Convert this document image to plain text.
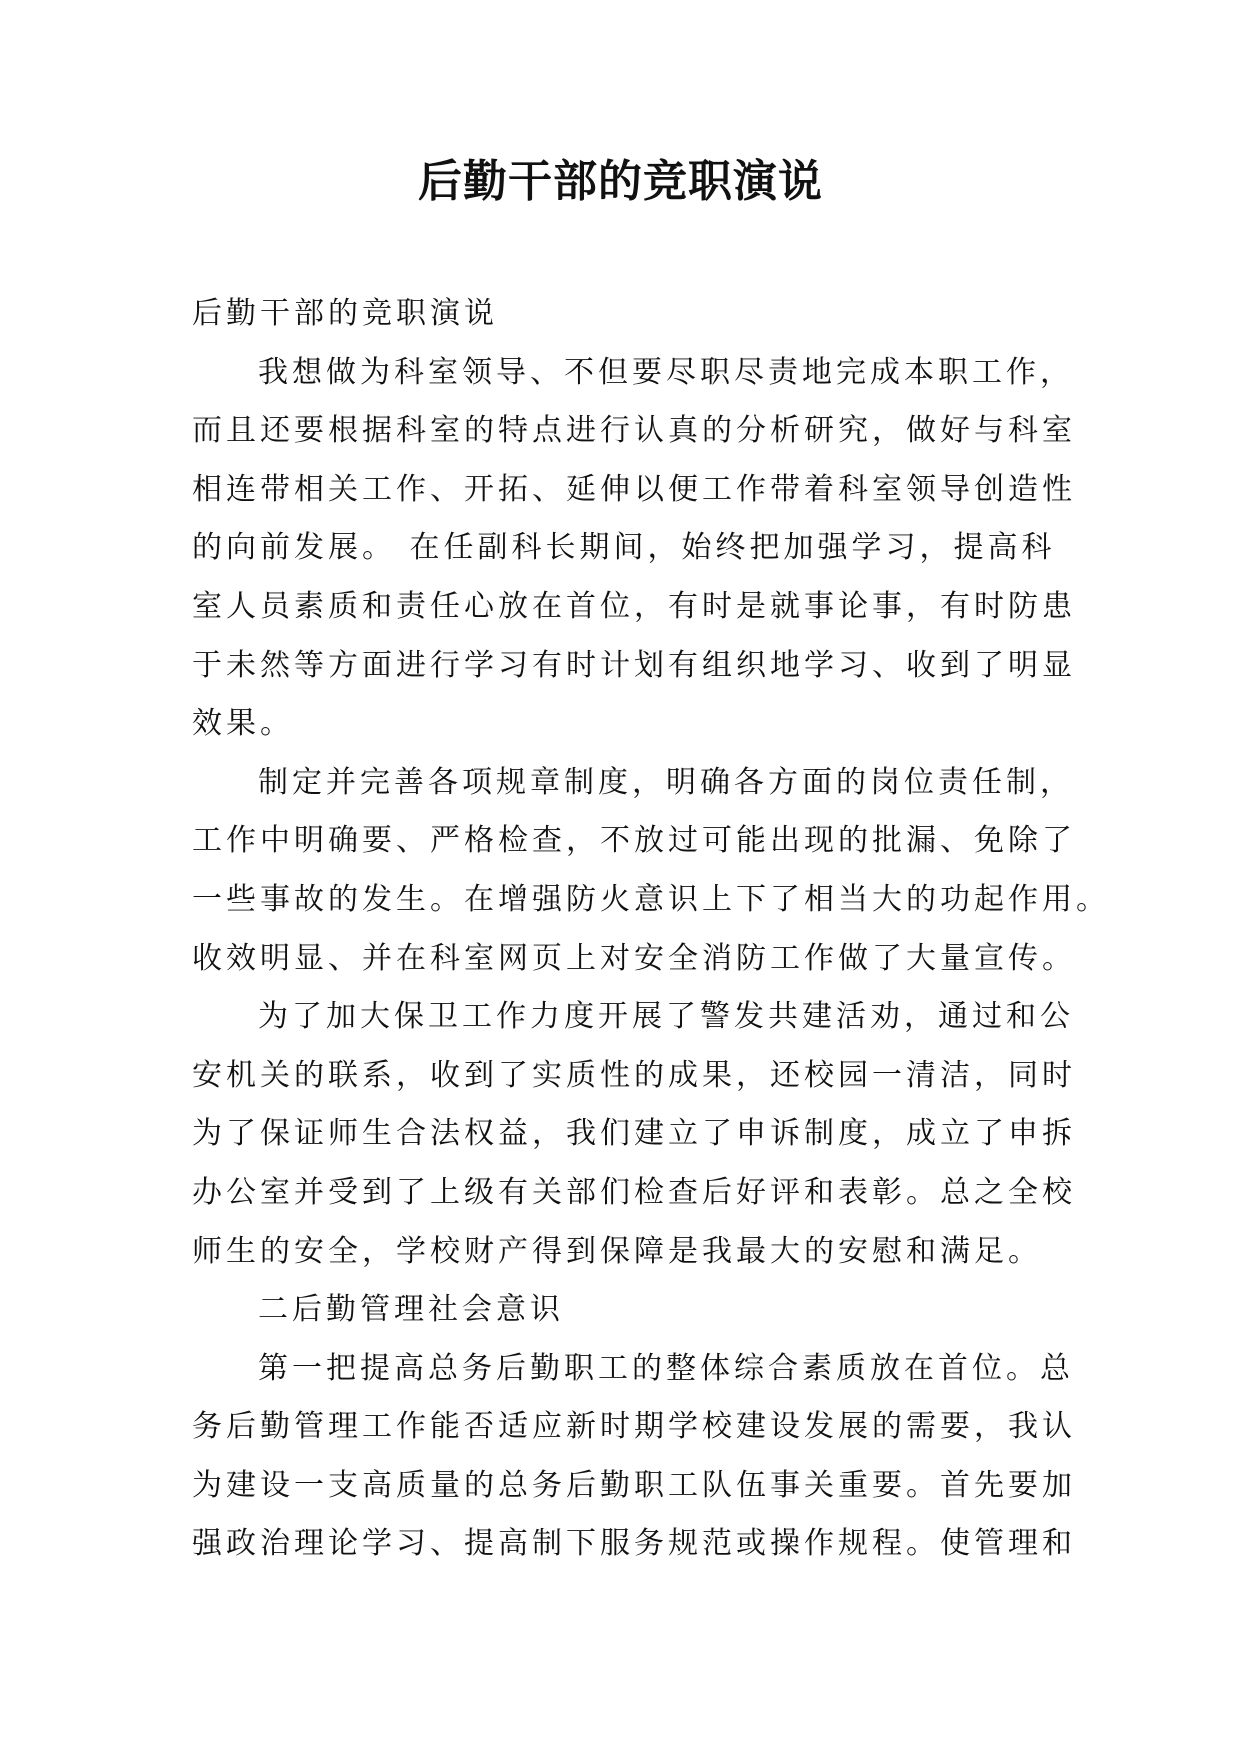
后勤干部的竞职演说

后勤干部的竞职演说

我想做为科室领导、不但要尽职尽责地完成本职工作，

而且还要根据科室的特点进行认真的分析研究，做好与科室

相连带相关工作、开拓、延伸以便工作带着科室领导创造性

的向前发展。 在任副科长期间，始终把加强学习，提高科

室人员素质和责任心放在首位，有时是就事论事，有时防患

于未然等方面进行学习有时计划有组织地学习、收到了明显

效果。

制定并完善各项规章制度，明确各方面的岗位责任制，

工作中明确要、严格检查，不放过可能出现的批漏、免除了

一些事故的发生。在增强防火意识上下了相当大的功起作用。

收效明显、并在科室网页上对安全消防工作做了大量宣传。

为了加大保卫工作力度开展了警发共建活劝，通过和公

安机关的联系，收到了实质性的成果，还校园一清洁，同时

为了保证师生合法权益，我们建立了申诉制度，成立了申拆

办公室并受到了上级有关部们检查后好评和表彰。总之全校

师生的安全，学校财产得到保障是我最大的安慰和满足。

二后勤管理社会意识

第一把提高总务后勤职工的整体综合素质放在首位。总

务后勤管理工作能否适应新时期学校建设发展的需要，我认

为建设一支高质量的总务后勤职工队伍事关重要。首先要加

强政治理论学习、提高制下服务规范或操作规程。使管理和
